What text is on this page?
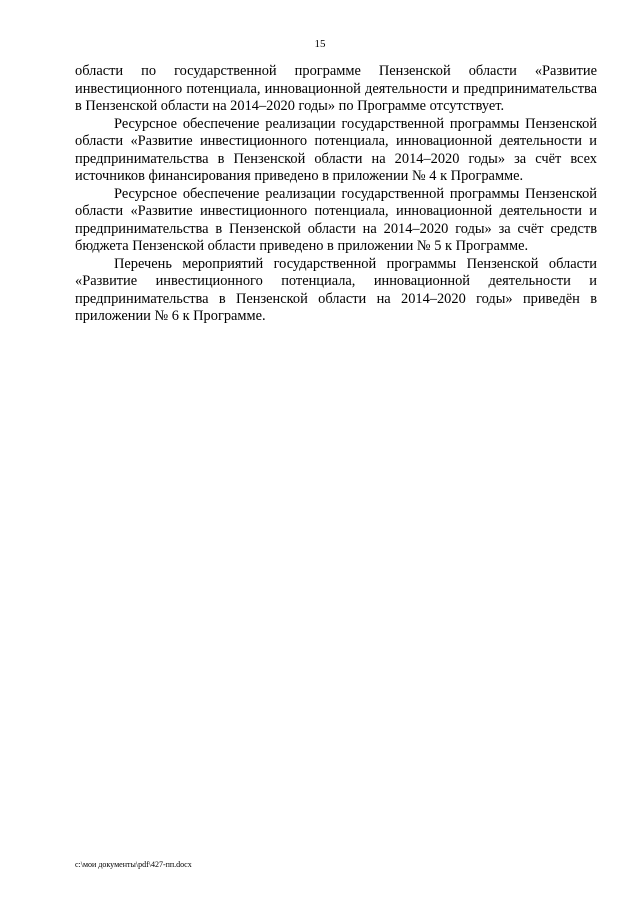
15

области по государственной программе Пензенской области «Развитие инвестиционного потенциала, инновационной деятельности и предпринимательства в Пензенской области на 2014–2020 годы» по Программе отсутствует.

Ресурсное обеспечение реализации государственной программы Пензенской области «Развитие инвестиционного потенциала, инновационной деятельности и предпринимательства в Пензенской области на 2014–2020 годы» за счёт всех источников финансирования приведено в приложении № 4 к Программе.

Ресурсное обеспечение реализации государственной программы Пензенской области «Развитие инвестиционного потенциала, инновационной деятельности и предпринимательства в Пензенской области на 2014–2020 годы» за счёт средств бюджета Пензенской области приведено в приложении № 5 к Программе.

Перечень мероприятий государственной программы Пензенской области «Развитие инвестиционного потенциала, инновационной деятельности и предпринимательства в Пензенской области на 2014–2020 годы» приведён в приложении № 6 к Программе.

c:\мои документы\pdf\427-пп.docx
